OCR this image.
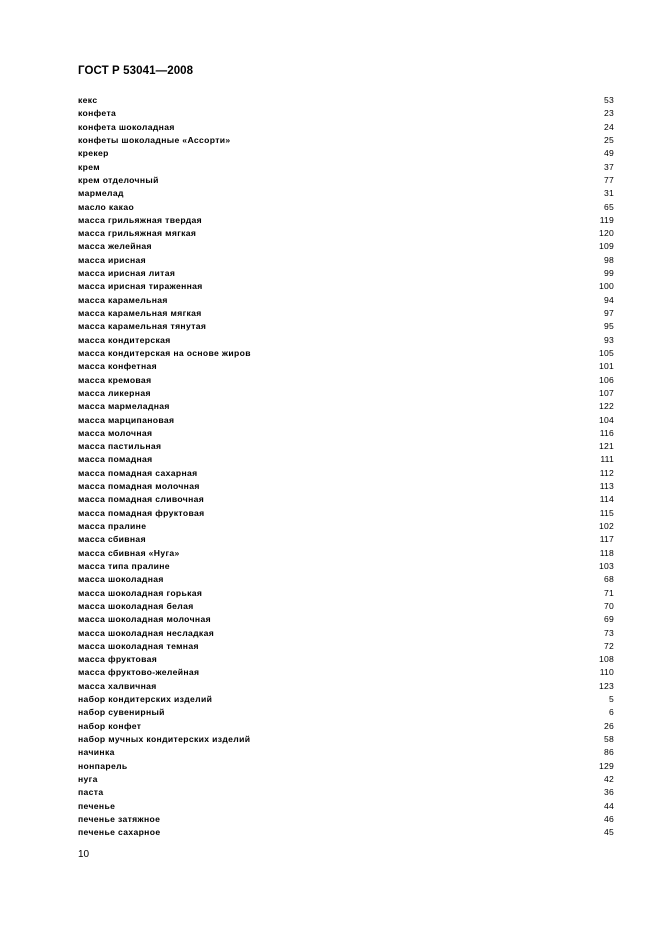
ГОСТ Р 53041—2008
кекс	53
конфета	23
конфета шоколадная	24
конфеты шоколадные «Ассорти»	25
крекер	49
крем	37
крем отделочный	77
мармелад	31
масло какао	65
масса грильяжная твердая	119
масса грильяжная мягкая	120
масса желейная	109
масса ирисная	98
масса ирисная литая	99
масса ирисная тираженная	100
масса карамельная	94
масса карамельная мягкая	97
масса карамельная тянутая	95
масса кондитерская	93
масса кондитерская на основе жиров	105
масса конфетная	101
масса кремовая	106
масса ликерная	107
масса мармеладная	122
масса марципановая	104
масса молочная	116
масса пастильная	121
масса помадная	111
масса помадная сахарная	112
масса помадная молочная	113
масса помадная сливочная	114
масса помадная фруктовая	115
масса пралине	102
масса сбивная	117
масса сбивная «Нуга»	118
масса типа пралине	103
масса шоколадная	68
масса шоколадная горькая	71
масса шоколадная белая	70
масса шоколадная молочная	69
масса шоколадная несладкая	73
масса шоколадная темная	72
масса фруктовая	108
масса фруктово-желейная	110
масса халвичная	123
набор кондитерских изделий	5
набор сувенирный	6
набор конфет	26
набор мучных кондитерских изделий	58
начинка	86
нонпарель	129
нуга	42
паста	36
печенье	44
печенье затяжное	46
печенье сахарное	45
10
